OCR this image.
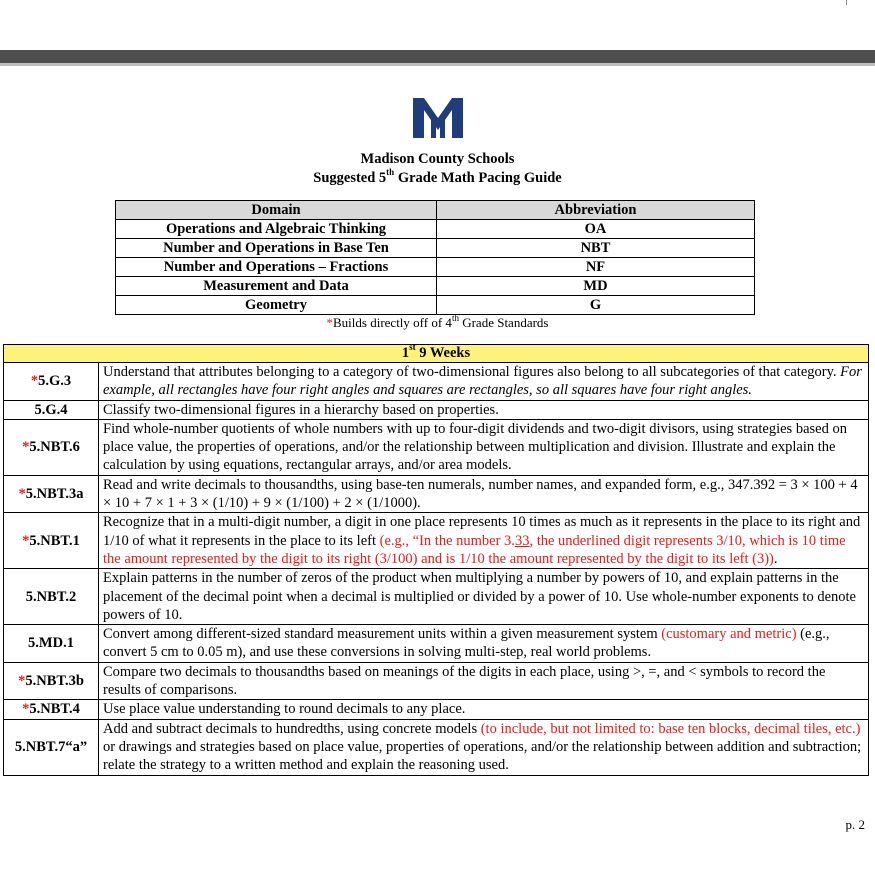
Madison County Schools
Suggested 5th Grade Math Pacing Guide
Domain	Abbreviation
Operations and Algebraic Thinking	OA
Number and Operations in Base Ten	NBT
Number and Operations – Fractions	NF
Measurement and Data	MD
Geometry	G
*Builds directly off of 4th Grade Standards
1st 9 Weeks	
*5.G.3	Understand that attributes belonging to a category of two-dimensional figures also belong to all subcategories of that category. For example, all rectangles have four right angles and squares are rectangles, so all squares have four right angles.
5.G.4	Classify two-dimensional figures in a hierarchy based on properties.
*5.NBT.6	Find whole-number quotients of whole numbers with up to four-digit dividends and two-digit divisors, using strategies based on place value, the properties of operations, and/or the relationship between multiplication and division. Illustrate and explain the calculation by using equations, rectangular arrays, and/or area models.
*5.NBT.3a	Read and write decimals to thousandths, using base-ten numerals, number names, and expanded form, e.g., 347.392 = 3 × 100 + 4 × 10 + 7 × 1 + 3 × (1/10) + 9 × (1/100) + 2 × (1/1000).
*5.NBT.1	Recognize that in a multi-digit number, a digit in one place represents 10 times as much as it represents in the place to its right and 1/10 of what it represents in the place to its left (e.g., “In the number 3.33, the underlined digit represents 3/10, which is 10 time the amount represented by the digit to its right (3/100) and is 1/10 the amount represented by the digit to its left (3)).
5.NBT.2	Explain patterns in the number of zeros of the product when multiplying a number by powers of 10, and explain patterns in the placement of the decimal point when a decimal is multiplied or divided by a power of 10. Use whole-number exponents to denote powers of 10.
5.MD.1	Convert among different-sized standard measurement units within a given measurement system (customary and metric) (e.g., convert 5 cm to 0.05 m), and use these conversions in solving multi-step, real world problems.
*5.NBT.3b	Compare two decimals to thousandths based on meanings of the digits in each place, using >, =, and < symbols to record the results of comparisons.
*5.NBT.4	Use place value understanding to round decimals to any place.
5.NBT.7“a”	Add and subtract decimals to hundredths, using concrete models (to include, but not limited to: base ten blocks, decimal tiles, etc.) or drawings and strategies based on place value, properties of operations, and/or the relationship between addition and subtraction; relate the strategy to a written method and explain the reasoning used.
p. 2
